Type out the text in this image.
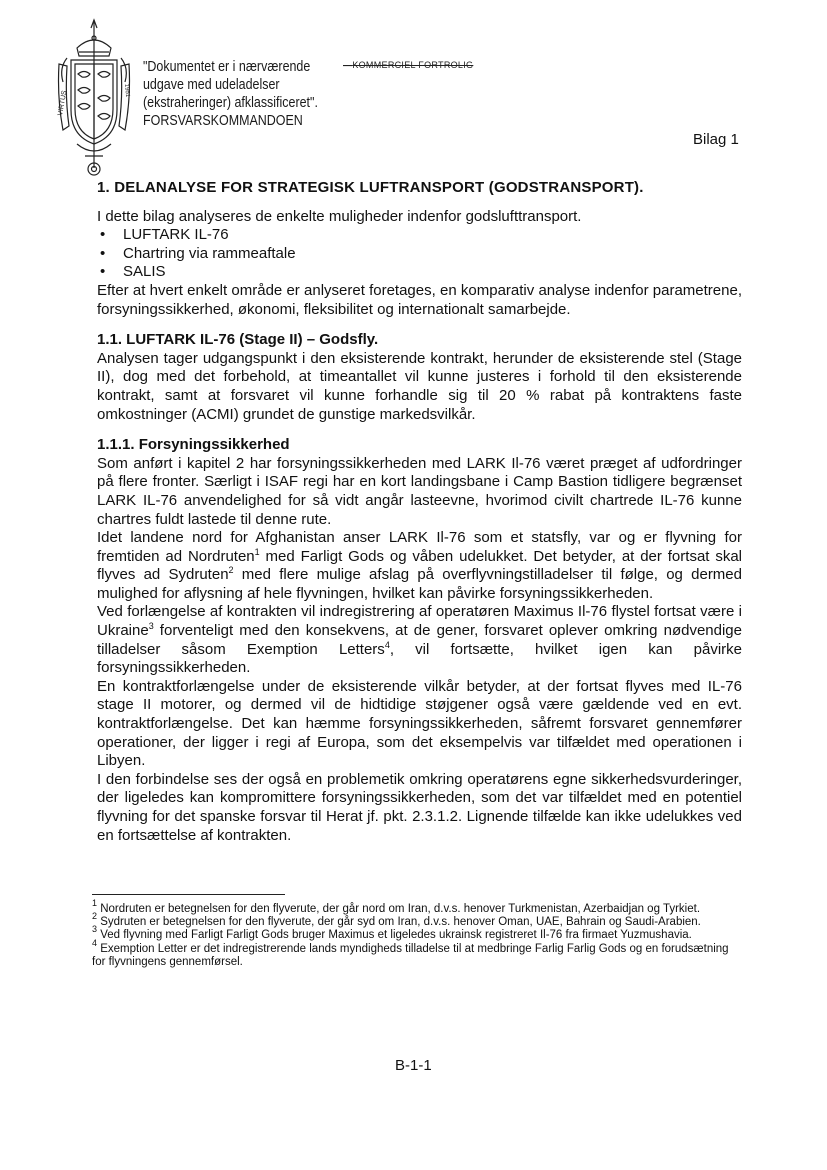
VIRTUS	1951
"Dokumentet er i nærværende
udgave med udeladelser
(ekstraheringer) afklassificeret".
FORSVARSKOMMANDOEN
— KOMMERCIEL FORTROLIG
Bilag 1
1. DELANALYSE FOR STRATEGISK LUFTRANSPORT (GODSTRANSPORT).

I dette bilag analyseres de enkelte muligheder indenfor godslufttransport.

• LUFTARK IL-76
• Chartring via rammeaftale
• SALIS

Efter at hvert enkelt område er anlyseret foretages, en komparativ analyse indenfor parametrene, forsyningssikkerhed, økonomi, fleksibilitet og internationalt samarbejde.

1.1. LUFTARK IL-76 (Stage II) – Godsfly.

Analysen tager udgangspunkt i den eksisterende kontrakt, herunder de eksisterende stel (Stage II), dog med det forbehold, at timeantallet vil kunne justeres i forhold til den eksisterende kontrakt, samt at forsvaret vil kunne forhandle sig til 20 % rabat på kontraktens faste omkostninger (ACMI) grundet de gunstige markedsvilkår.

1.1.1. Forsyningssikkerhed

Som anført i kapitel 2 har forsyningssikkerheden med LARK Il-76 været præget af udfordringer på flere fronter. Særligt i ISAF regi har en kort landingsbane i Camp Bastion tidligere begrænset LARK IL-76 anvendelighed for så vidt angår lasteevne, hvorimod civilt chartrede IL-76 kunne chartres fuldt lastede til denne rute.

Idet landene nord for Afghanistan anser LARK Il-76 som et statsfly, var og er flyvning for fremtiden ad Nordruten$^1$ med Farligt Gods og våben udelukket. Det betyder, at der fortsat skal flyves ad Sydruten$^2$ med flere mulige afslag på overflyvningstilladelser til følge, og dermed mulighed for aflysning af hele flyvningen, hvilket kan påvirke forsyningssikkerheden.

Ved forlængelse af kontrakten vil indregistrering af operatøren Maximus Il-76 flystel fortsat være i Ukraine$^3$ forventeligt med den konsekvens, at de gener, forsvaret oplever omkring nødvendige tilladelser såsom Exemption Letters$^4$, vil fortsætte, hvilket igen kan påvirke forsyningssikkerheden.

En kontraktforlængelse under de eksisterende vilkår betyder, at der fortsat flyves med IL-76 stage II motorer, og dermed vil de hidtidige støjgener også være gældende ved en evt. kontraktforlængelse. Det kan hæmme forsyningssikkerheden, såfremt forsvaret gennemfører operationer, der ligger i regi af Europa, som det eksempelvis var tilfældet med operationen i Libyen.

I den forbindelse ses der også en problemetik omkring operatørens egne sikkerhedsvurderinger, der ligeledes kan kompromittere forsyningssikkerheden, som det var tilfældet med en potentiel flyvning for det spanske forsvar til Herat jf. pkt. 2.3.1.2. Lignende tilfælde kan ikke udelukkes ved en fortsættelse af kontrakten.

$^1$ Nordruten er betegnelsen for den flyverute, der går nord om Iran, d.v.s. henover Turkmenistan, Azerbaidjan og Tyrkiet.

$^2$ Sydruten er betegnelsen for den flyverute, der går syd om Iran, d.v.s. henover Oman, UAE, Bahrain og Saudi-Arabien.

$^3$ Ved flyvning med Farligt Farligt Gods bruger Maximus et ligeledes ukrainsk registreret Il-76 fra firmaet Yuzmushavia.

$^4$ Exemption Letter er det indregistrerende lands myndigheds tilladelse til at medbringe Farlig Farlig Gods og en forudsætning for flyvningens gennemførsel.

B-1-1
